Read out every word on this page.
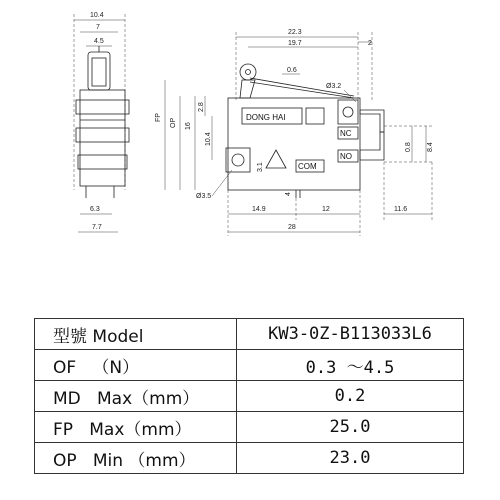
10.4
7
4.5
6.3
7.7
22.3
19.7	2
0.6
FP
OP 16
2.8
10.4
DONG HAI
NC
NO
COM
Ø3.2
3.1
4
Ø3.5
0.8 8.4
14.9	12
28
11.6
型號 Model	KW3-0Z-B113033L6
OF （N）	0.3 ～4.5
MD Max（mm）	0.2
FP Max（mm）	25.0
OP Min （mm）	23.0
